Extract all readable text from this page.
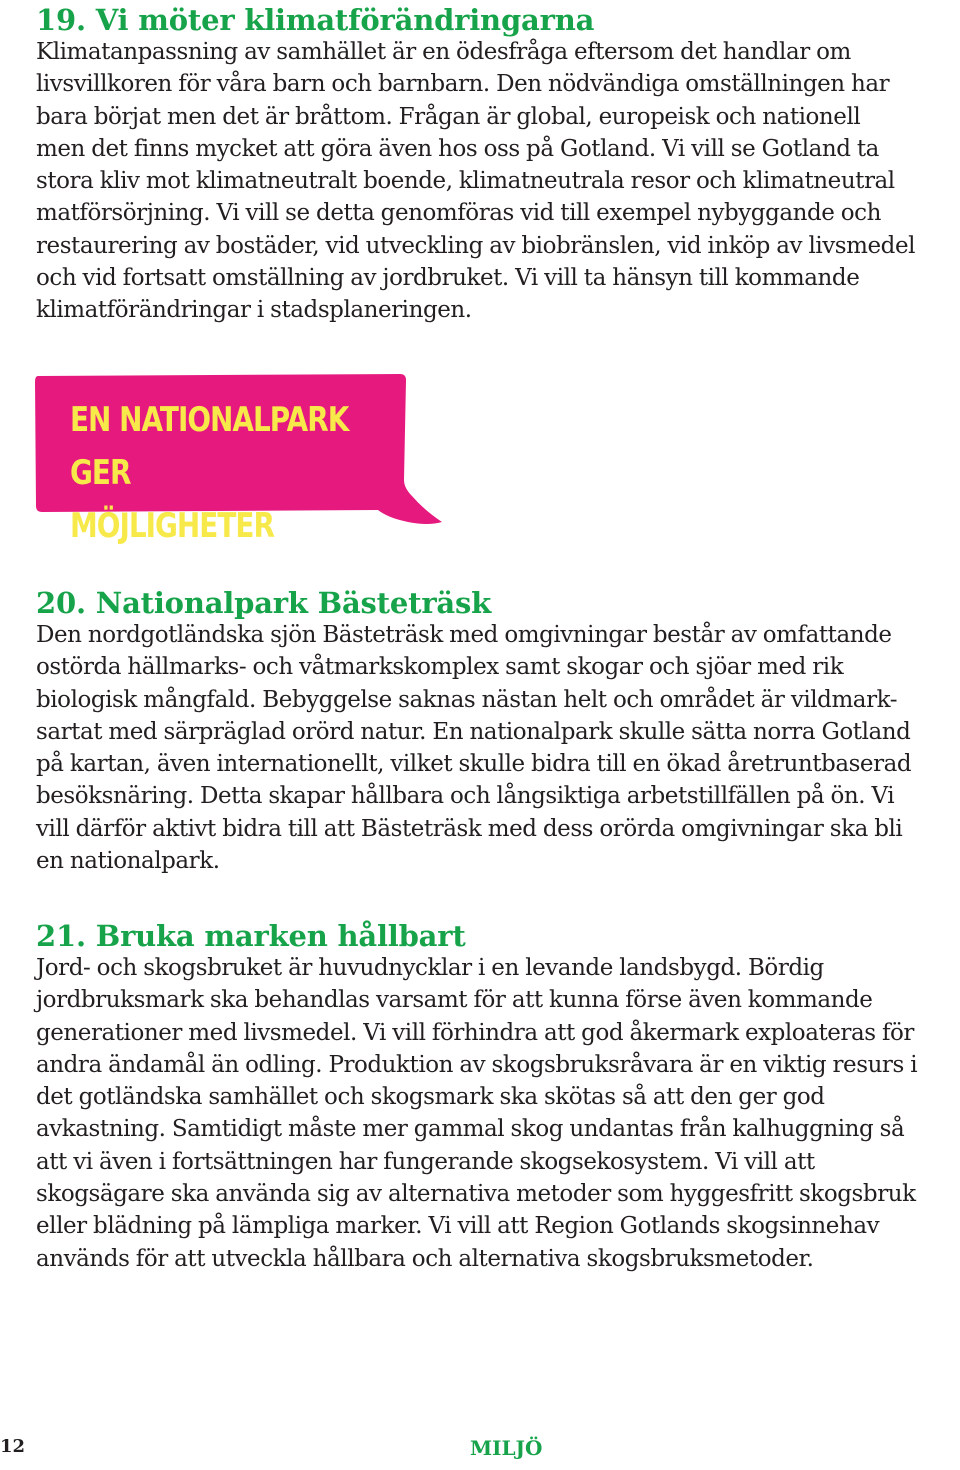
19. Vi möter klimatförändringarna

Klimatanpassning av samhället är en ödesfråga eftersom det handlar om
livsvillkoren för våra barn och barnbarn. Den nödvändiga omställningen har
bara börjat men det är bråttom. Frågan är global, europeisk och nationell
men det finns mycket att göra även hos oss på Gotland. Vi vill se Gotland ta
stora kliv mot klimatneutralt boende, klimatneutrala resor och klimatneutral
matförsörjning. Vi vill se detta genomföras vid till exempel nybyggande och
restaurering av bostäder, vid utveckling av biobränslen, vid inköp av livsmedel
och vid fortsatt omställning av jordbruket. Vi vill ta hänsyn till kommande
klimatförändringar i stadsplaneringen.

EN NATIONALPARK GER
MÖJLIGHETER

20. Nationalpark Bästeträsk

Den nordgotländska sjön Bästeträsk med omgivningar består av omfattande
ostörda hällmarks- och våtmarkskomplex samt skogar och sjöar med rik
biologisk mångfald. Bebyggelse saknas nästan helt och området är vildmark-
sartat med särpräglad orörd natur. En nationalpark skulle sätta norra Gotland
på kartan, även internationellt, vilket skulle bidra till en ökad åretruntbaserad
besöksnäring. Detta skapar hållbara och långsiktiga arbetstillfällen på ön. Vi
vill därför aktivt bidra till att Bästeträsk med dess orörda omgivningar ska bli
en nationalpark.

21. Bruka marken hållbart

Jord- och skogsbruket är huvudnycklar i en levande landsbygd. Bördig
jordbruksmark ska behandlas varsamt för att kunna förse även kommande
generationer med livsmedel. Vi vill förhindra att god åkermark exploateras för
andra ändamål än odling. Produktion av skogsbruksråvara är en viktig resurs i
det gotländska samhället och skogsmark ska skötas så att den ger god
avkastning. Samtidigt måste mer gammal skog undantas från kalhuggning så
att vi även i fortsättningen har fungerande skogsekosystem. Vi vill att
skogsägare ska använda sig av alternativa metoder som hyggesfritt skogsbruk
eller blädning på lämpliga marker. Vi vill att Region Gotlands skogsinnehav
används för att utveckla hållbara och alternativa skogsbruksmetoder.

12	MILJÖ
